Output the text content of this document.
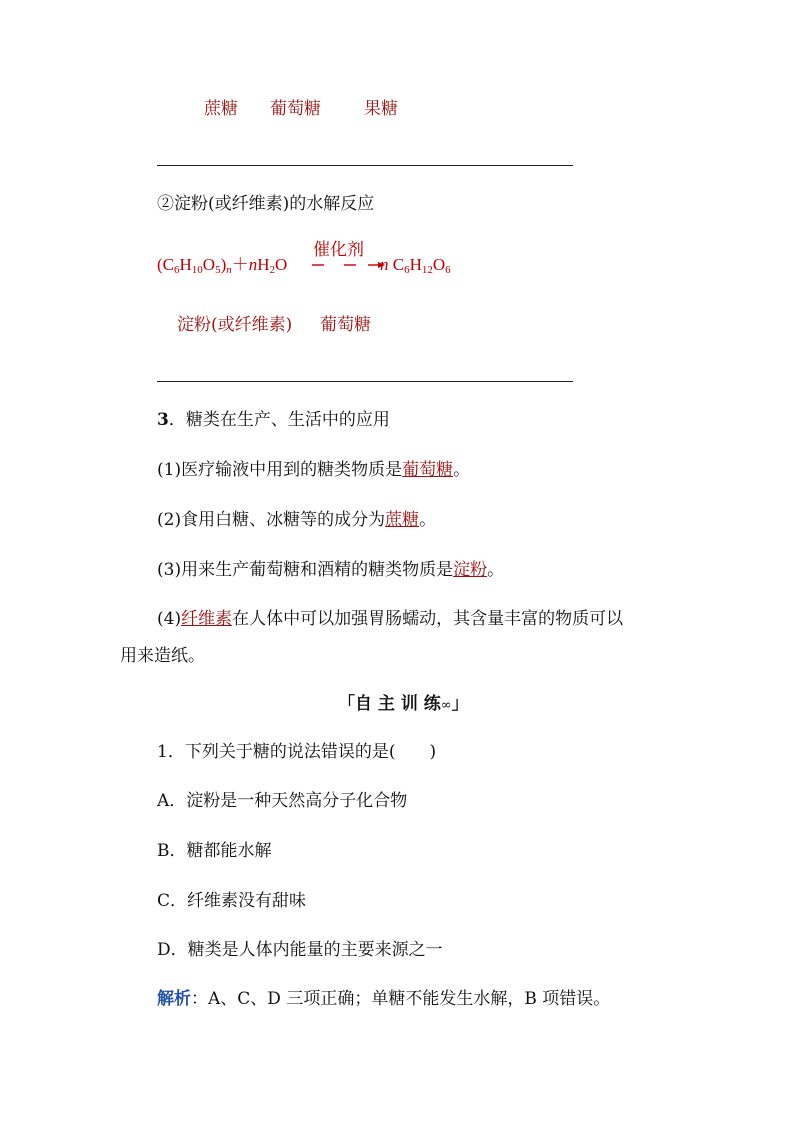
蔗糖 葡萄糖	果糖
②淀粉(或纤维素)的水解反应
$(C_6H_{10}O_5)_n+nH_2O$
催化剂
n $C_6H_{12}O_6$
淀粉(或纤维素) 葡萄糖
3．糖类在生产、生活中的应用
(1)医疗输液中用到的糖类物质是葡萄糖。
(2)食用白糖、冰糖等的成分为蔗糖。
(3)用来生产葡萄糖和酒精的糖类物质是淀粉。
(4)纤维素在人体中可以加强胃肠蠕动，其含量丰富的物质可以
用来造纸。
「自 主 训 练∞」
1．下列关于糖的说法错误的是(　　)
A．淀粉是一种天然高分子化合物
B．糖都能水解
C．纤维素没有甜味
D．糖类是人体内能量的主要来源之一
解析：A、C、D 三项正确；单糖不能发生水解，B 项错误。
